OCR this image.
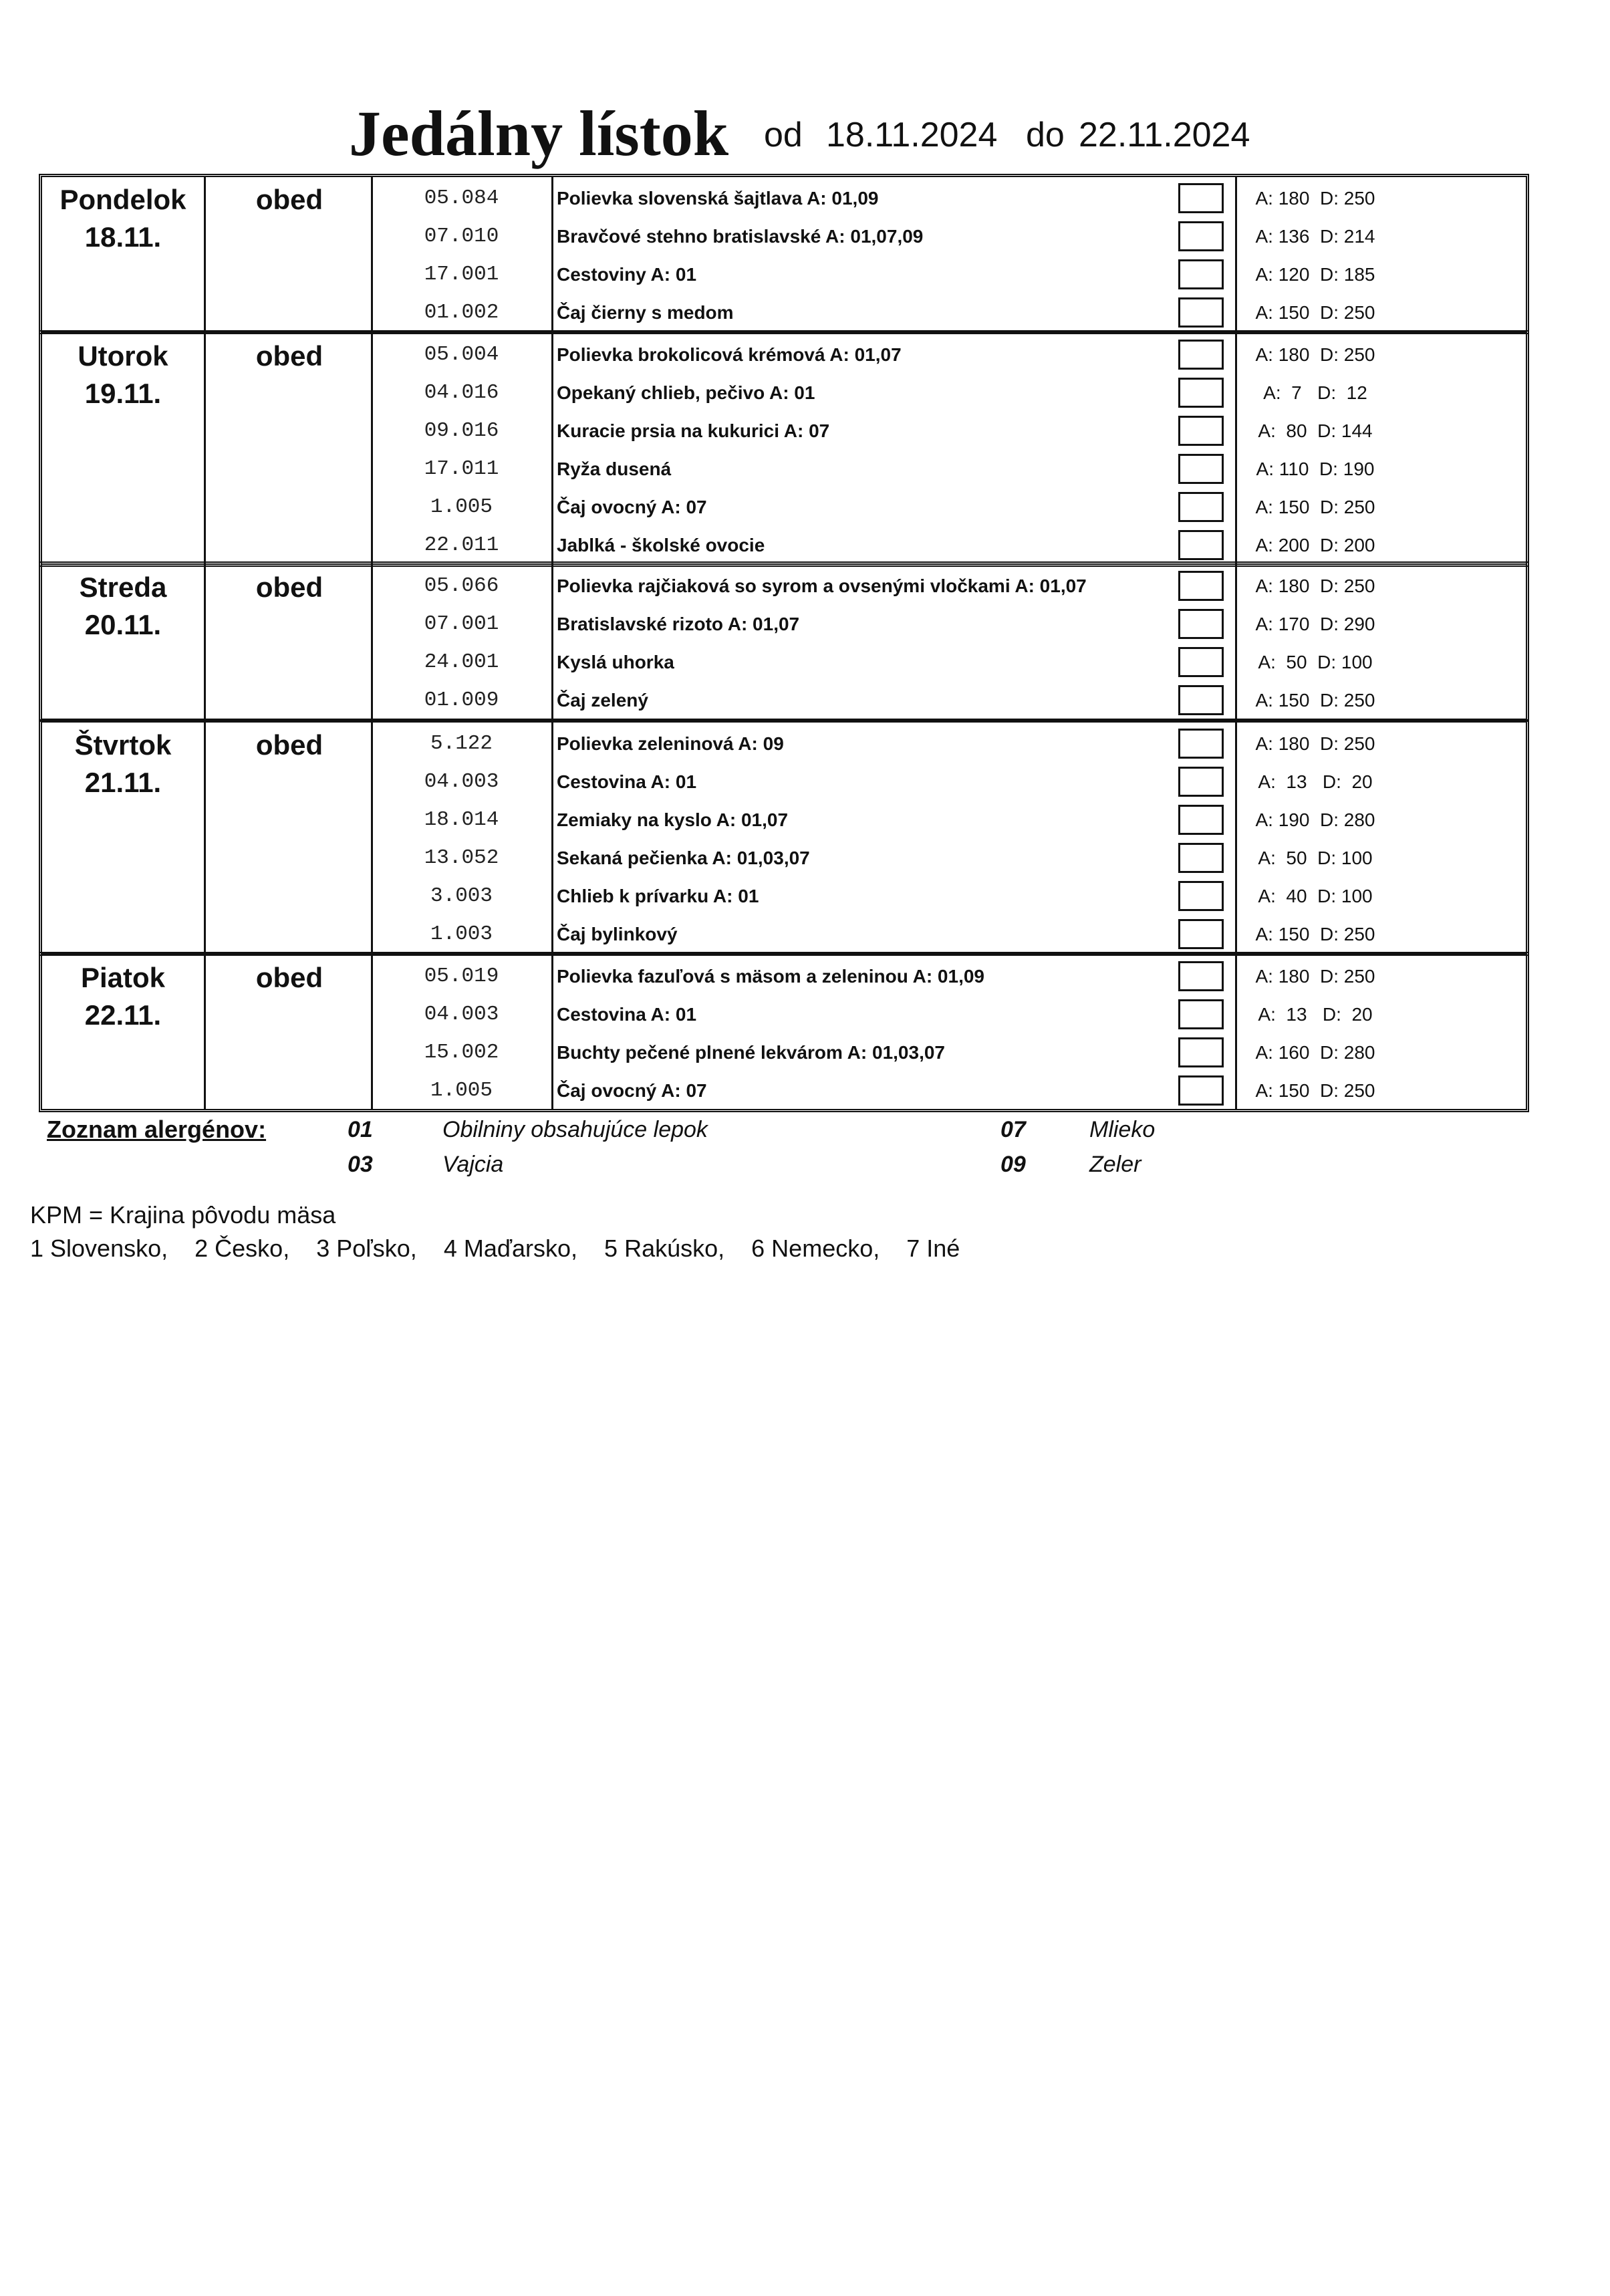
Jedálny lístok od 18.11.2024 do 22.11.2024
Pondelok
18.11.
obed	05.084	Polievka slovenská šajtlava A: 01,09	A: 180  D: 250
07.010	Bravčové stehno bratislavské A: 01,07,09	A: 136  D: 214
17.001	Cestoviny A: 01	A: 120  D: 185
01.002	Čaj čierny s medom	A: 150  D: 250
Utorok
19.11.
obed	05.004	Polievka brokolicová krémová A: 01,07	A: 180  D: 250
04.016	Opekaný chlieb, pečivo A: 01	A:  7   D:  12
09.016	Kuracie prsia na kukurici A: 07	A:  80  D: 144
17.011	Ryža dusená	A: 110  D: 190
1.005	Čaj ovocný A: 07	A: 150  D: 250
22.011	Jablká - školské ovocie	A: 200  D: 200
Streda
20.11.
obed	05.066	Polievka rajčiaková so syrom a ovsenými vločkami A: 01,07	A: 180  D: 250
07.001	Bratislavské rizoto A: 01,07	A: 170  D: 290
24.001	Kyslá uhorka	A:  50  D: 100
01.009	Čaj zelený	A: 150  D: 250
Štvrtok
21.11.
obed	5.122	Polievka zeleninová A: 09	A: 180  D: 250
04.003	Cestovina A: 01	A:  13   D:  20
18.014	Zemiaky na kyslo A: 01,07	A: 190  D: 280
13.052	Sekaná pečienka A: 01,03,07	A:  50  D: 100
3.003	Chlieb k prívarku A: 01	A:  40  D: 100
1.003	Čaj bylinkový	A: 150  D: 250
Piatok
22.11.
obed	05.019	Polievka fazuľová s mäsom a zeleninou A: 01,09	A: 180  D: 250
04.003	Cestovina A: 01	A:  13   D:  20
15.002	Buchty pečené plnené lekvárom A: 01,03,07	A: 160  D: 280
1.005	Čaj ovocný A: 07	A: 150  D: 250
Zoznam alergénov:	01	Obilniny obsahujúce lepok	07	Mlieko
03	Vajcia	09	Zeler
KPM = Krajina pôvodu mäsa
1 Slovensko, 2 Česko, 3 Poľsko, 4 Maďarsko, 5 Rakúsko, 6 Nemecko, 7 Iné
